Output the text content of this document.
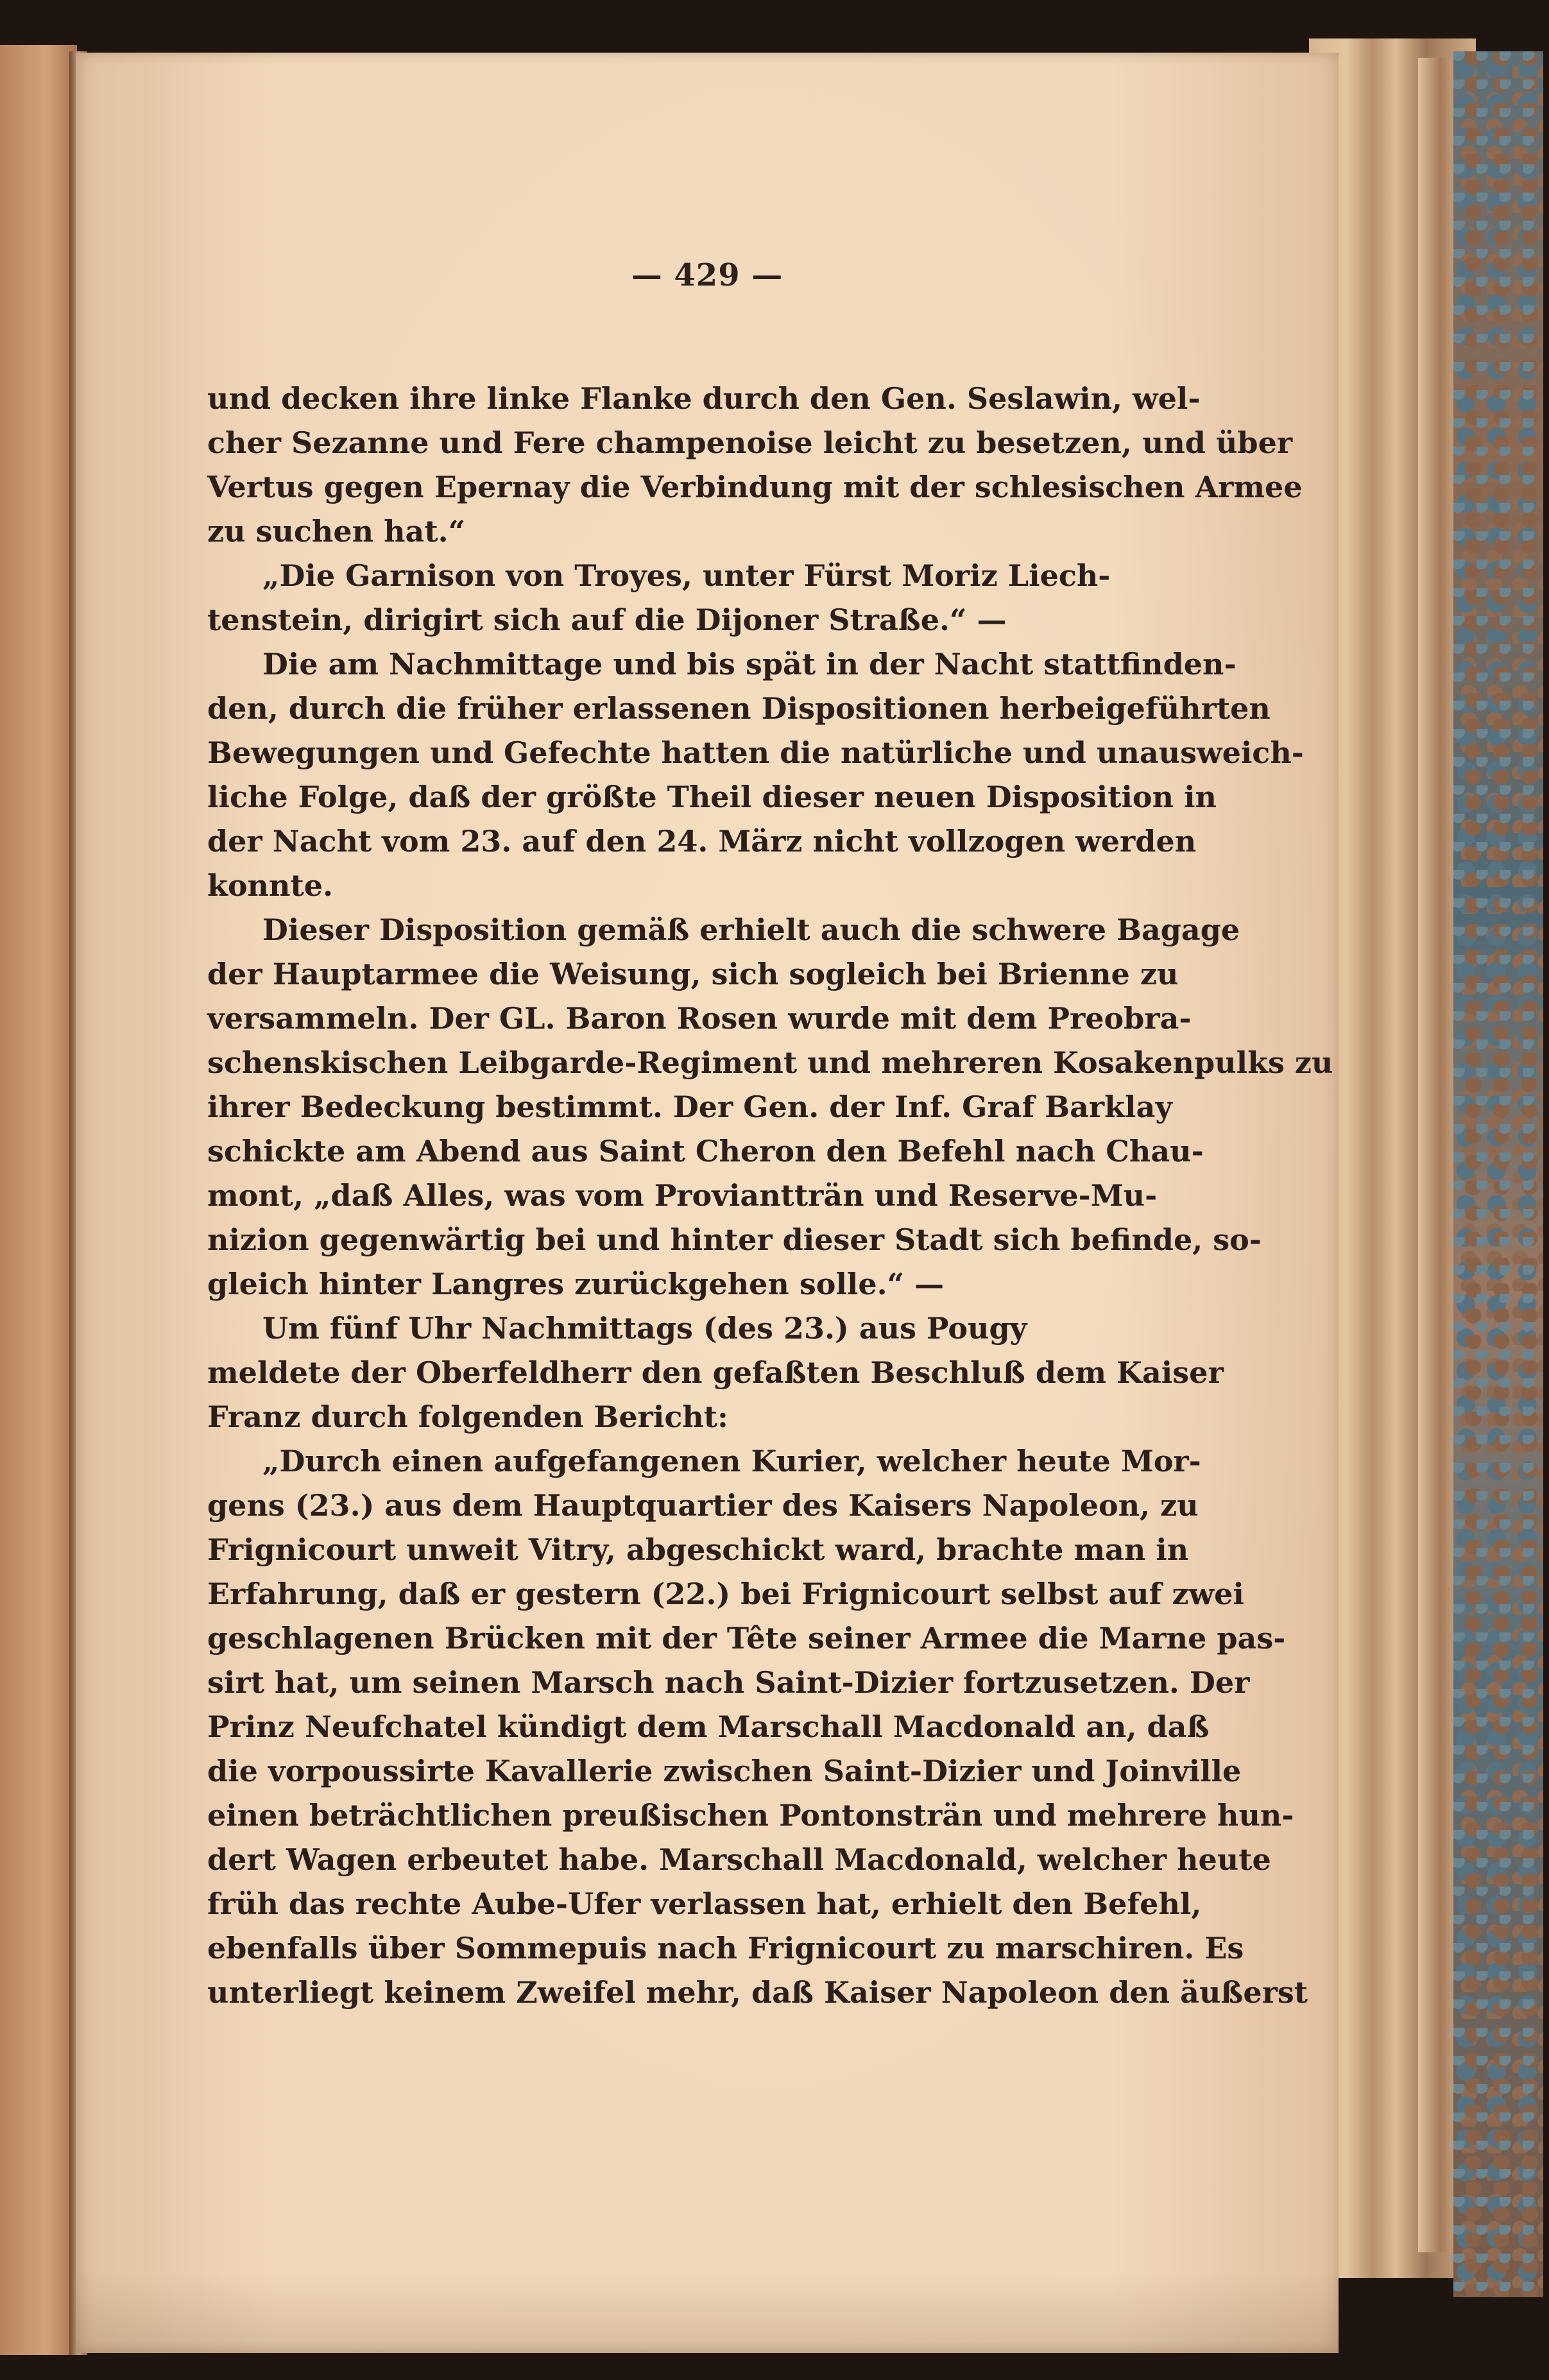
— 429 —
und decken ihre linke Flanke durch den Gen. Seslawin, wel-
cher Sezanne und Fere champenoise leicht zu besetzen, und über
Vertus gegen Epernay die Verbindung mit der schlesischen Armee
zu suchen hat.“
„Die Garnison von Troyes, unter Fürst Moriz Liech-
tenstein, dirigirt sich auf die Dijoner Straße.“ —
Die am Nachmittage und bis spät in der Nacht stattfinden-
den, durch die früher erlassenen Dispositionen herbeigeführten
Bewegungen und Gefechte hatten die natürliche und unausweich-
liche Folge, daß der größte Theil dieser neuen Disposition in
der Nacht vom 23. auf den 24. März nicht vollzogen werden
konnte.
Dieser Disposition gemäß erhielt auch die schwere Bagage
der Hauptarmee die Weisung, sich sogleich bei Brienne zu
versammeln. Der GL. Baron Rosen wurde mit dem Preobra-
schenskischen Leibgarde-Regiment und mehreren Kosakenpulks zu
ihrer Bedeckung bestimmt. Der Gen. der Inf. Graf Barklay
schickte am Abend aus Saint Cheron den Befehl nach Chau-
mont, „daß Alles, was vom Proviantträn und Reserve-Mu-
nizion gegenwärtig bei und hinter dieser Stadt sich befinde, so-
gleich hinter Langres zurückgehen solle.“ —
Um fünf Uhr Nachmittags (des 23.) aus Pougy
meldete der Oberfeldherr den gefaßten Beschluß dem Kaiser
Franz durch folgenden Bericht:
„Durch einen aufgefangenen Kurier, welcher heute Mor-
gens (23.) aus dem Hauptquartier des Kaisers Napoleon, zu
Frignicourt unweit Vitry, abgeschickt ward, brachte man in
Erfahrung, daß er gestern (22.) bei Frignicourt selbst auf zwei
geschlagenen Brücken mit der Tête seiner Armee die Marne pas-
sirt hat, um seinen Marsch nach Saint-Dizier fortzusetzen. Der
Prinz Neufchatel kündigt dem Marschall Macdonald an, daß
die vorpoussirte Kavallerie zwischen Saint-Dizier und Joinville
einen beträchtlichen preußischen Pontonsträn und mehrere hun-
dert Wagen erbeutet habe. Marschall Macdonald, welcher heute
früh das rechte Aube-Ufer verlassen hat, erhielt den Befehl,
ebenfalls über Sommepuis nach Frignicourt zu marschiren. Es
unterliegt keinem Zweifel mehr, daß Kaiser Napoleon den äußerst
